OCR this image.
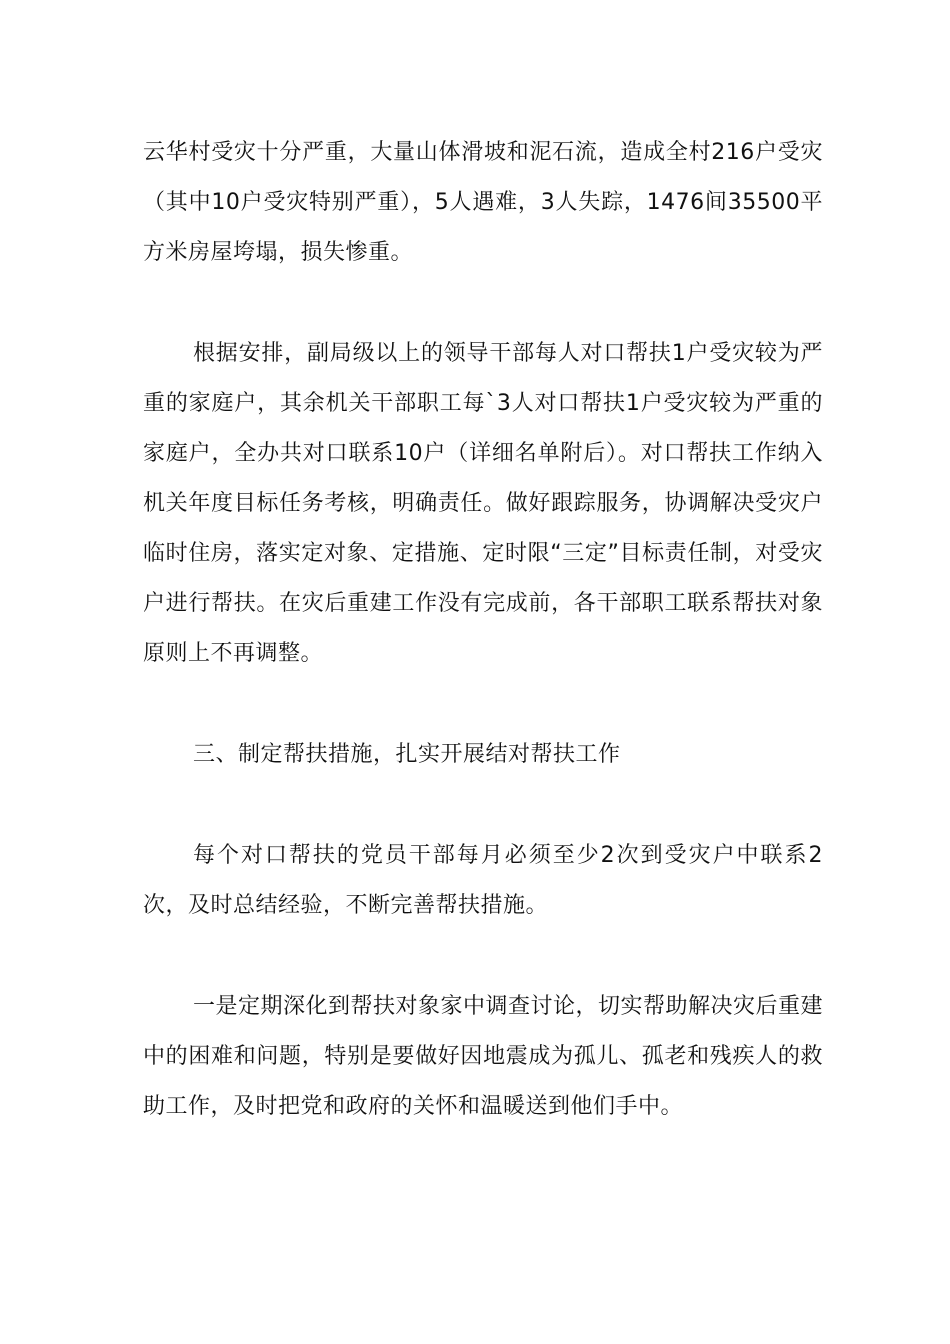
云华村受灾十分严重，大量山体滑坡和泥石流，造成全村216户受灾（其中10户受灾特别严重），5人遇难，3人失踪，1476间35500平方米房屋垮塌，损失惨重。

根据安排，副局级以上的领导干部每人对口帮扶1户受灾较为严重的家庭户，其余机关干部职工每`3人对口帮扶1户受灾较为严重的家庭户，全办共对口联系10户（详细名单附后）。对口帮扶工作纳入机关年度目标任务考核，明确责任。做好跟踪服务，协调解决受灾户临时住房，落实定对象、定措施、定时限“三定”目标责任制，对受灾户进行帮扶。在灾后重建工作没有完成前，各干部职工联系帮扶对象原则上不再调整。

三、制定帮扶措施，扎实开展结对帮扶工作

每个对口帮扶的党员干部每月必须至少2次到受灾户中联系2次，及时总结经验，不断完善帮扶措施。

一是定期深化到帮扶对象家中调查讨论，切实帮助解决灾后重建中的困难和问题，特别是要做好因地震成为孤儿、孤老和残疾人的救助工作，及时把党和政府的关怀和温暖送到他们手中。
